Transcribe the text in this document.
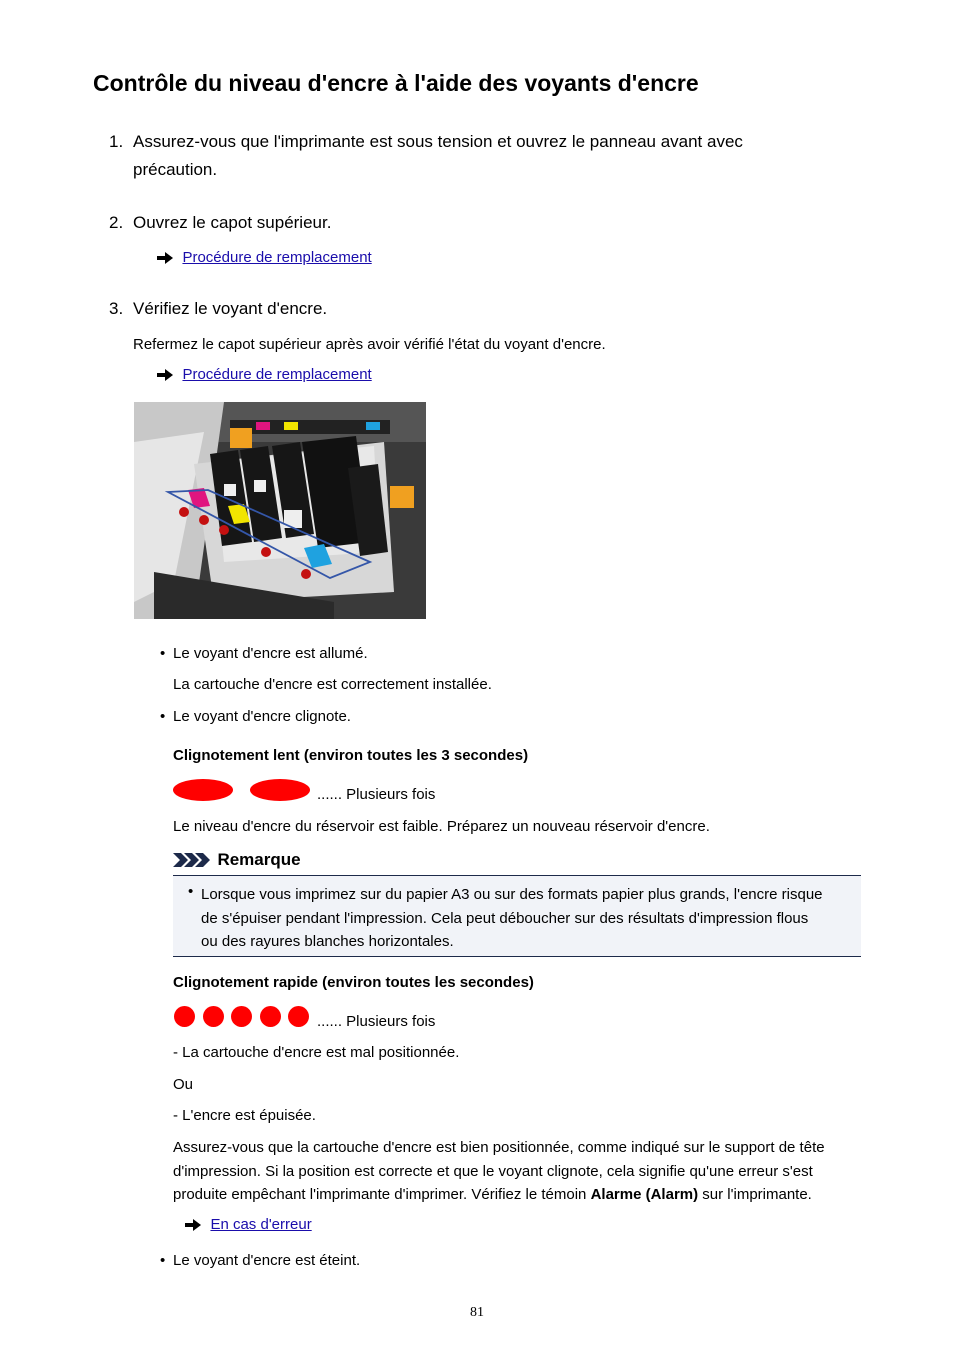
Contrôle du niveau d'encre à l'aide des voyants d'encre
1. Assurez-vous que l'imprimante est sous tension et ouvrez le panneau avant avec
précaution.
2. Ouvrez le capot supérieur.
Procédure de remplacement
3. Vérifiez le voyant d'encre.
Refermez le capot supérieur après avoir vérifié l'état du voyant d'encre.
Procédure de remplacement
• Le voyant d'encre est allumé.
La cartouche d'encre est correctement installée.
• Le voyant d'encre clignote.
Clignotement lent (environ toutes les 3 secondes)
...... Plusieurs fois
Le niveau d'encre du réservoir est faible. Préparez un nouveau réservoir d'encre.
Remarque
• Lorsque vous imprimez sur du papier A3 ou sur des formats papier plus grands, l'encre risque
de s'épuiser pendant l'impression. Cela peut déboucher sur des résultats d'impression flous
ou des rayures blanches horizontales.
Clignotement rapide (environ toutes les secondes)
...... Plusieurs fois
- La cartouche d'encre est mal positionnée.
Ou
- L'encre est épuisée.
Assurez-vous que la cartouche d'encre est bien positionnée, comme indiqué sur le support de tête
d'impression. Si la position est correcte et que le voyant clignote, cela signifie qu'une erreur s'est
produite empêchant l'imprimante d'imprimer. Vérifiez le témoin Alarme (Alarm) sur l'imprimante.
En cas d'erreur
• Le voyant d'encre est éteint.
81
